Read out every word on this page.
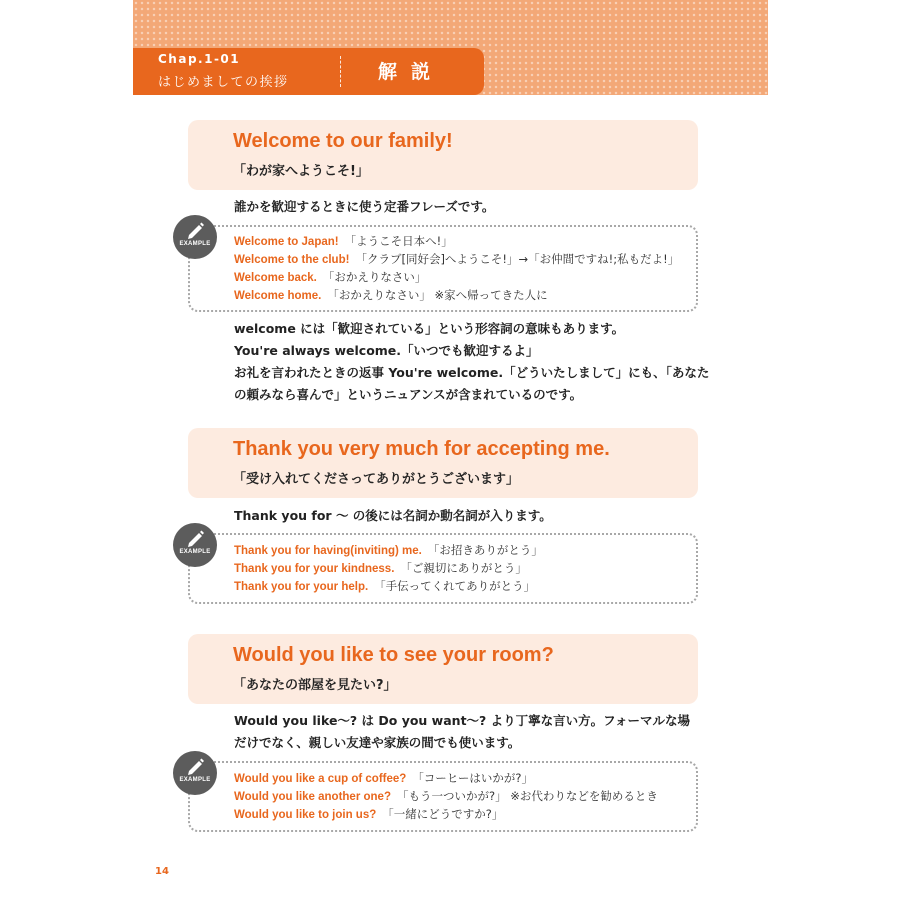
Chap.1-01
はじめましての挨拶	解説
Welcome to our family!
「わが家へようこそ!」
誰かを歓迎するときに使う定番フレーズです。
Welcome to Japan! 「ようこそ日本へ!」
Welcome to the club! 「クラブ[同好会]へようこそ!」→「お仲間ですね!;私もだよ!」
Welcome back. 「おかえりなさい」
Welcome home. 「おかえりなさい」 ※家へ帰ってきた人に
EXAMPLE
welcome には「歓迎されている」という形容詞の意味もあります。
You're always welcome.「いつでも歓迎するよ」
お礼を言われたときの返事 You're welcome.「どういたしまして」にも、「あなた
の頼みなら喜んで」というニュアンスが含まれているのです。
Thank you very much for accepting me.
「受け入れてくださってありがとうございます」
Thank you for 〜 の後には名詞か動名詞が入ります。
Thank you for having(inviting) me. 「お招きありがとう」
Thank you for your kindness. 「ご親切にありがとう」
Thank you for your help. 「手伝ってくれてありがとう」
EXAMPLE
Would you like to see your room?
「あなたの部屋を見たい?」
Would you like〜? は Do you want〜? より丁寧な言い方。フォーマルな場
だけでなく、親しい友達や家族の間でも使います。
Would you like a cup of coffee? 「コーヒーはいかが?」
Would you like another one? 「もう一ついかが?」 ※お代わりなどを勧めるとき
Would you like to join us? 「一緒にどうですか?」
EXAMPLE
14
